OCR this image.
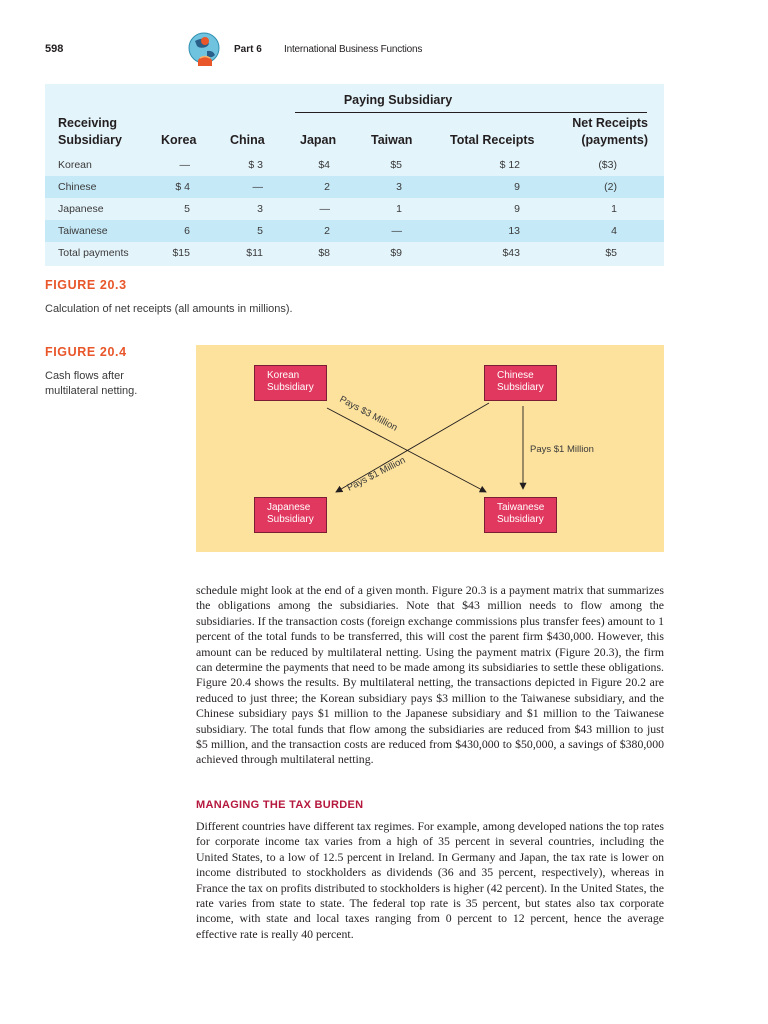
598	Part 6 International Business Functions
Paying Subsidiary
Receiving
Subsidiary	Korea	China	Japan	Taiwan	Total Receipts
Net Receipts
(payments)
Korean	—	$ 3	$4	$5	$ 12	($3)
Chinese	$ 4	—	2	3	9	(2)
Japanese	5	3	—	1	9	1
Taiwanese	6	5	2	—	13	4
Total payments	$15	$11	$8	$9	$43	$5
FIGURE 20.3
Calculation of net receipts (all amounts in millions).
FIGURE 20.4
Cash flows after
multilateral netting.
Pays $3 Million
Pays $1 Million
Pays $1 Million
Korean
Subsidiary
Chinese
Subsidiary
Japanese
Subsidiary
Taiwanese
Subsidiary
schedule might look at the end of a given month. Figure 20.3 is a payment matrix that summarizes the obligations among the subsidiaries. Note that $43 million needs to flow among the subsidiaries. If the transaction costs (foreign exchange commissions plus transfer fees) amount to 1 percent of the total funds to be transferred, this will cost the parent firm $430,000. However, this amount can be reduced by multilateral netting. Using the payment matrix (Figure 20.3), the firm can determine the payments that need to be made among its subsidiaries to settle these obligations. Figure 20.4 shows the results. By multilateral netting, the transactions depicted in Figure 20.2 are reduced to just three; the Korean subsidiary pays $3 million to the Taiwanese subsidiary, and the Chinese subsidiary pays $1 million to the Japanese subsidiary and $1 million to the Taiwanese subsidiary. The total funds that flow among the subsidiaries are reduced from $43 million to just $5 million, and the transaction costs are reduced from $430,000 to $50,000, a savings of $380,000 achieved through multilateral netting.
MANAGING THE TAX BURDEN
Different countries have different tax regimes. For example, among developed nations the top rates for corporate income tax varies from a high of 35 percent in several countries, including the United States, to a low of 12.5 percent in Ireland. In Germany and Japan, the tax rate is lower on income distributed to stockholders as dividends (36 and 35 percent, respectively), whereas in France the tax on profits distributed to stockholders is higher (42 percent). In the United States, the rate varies from state to state. The federal top rate is 35 percent, but states also tax corporate income, with state and local taxes ranging from 0 percent to 12 percent, hence the average effective rate is really 40 percent.
